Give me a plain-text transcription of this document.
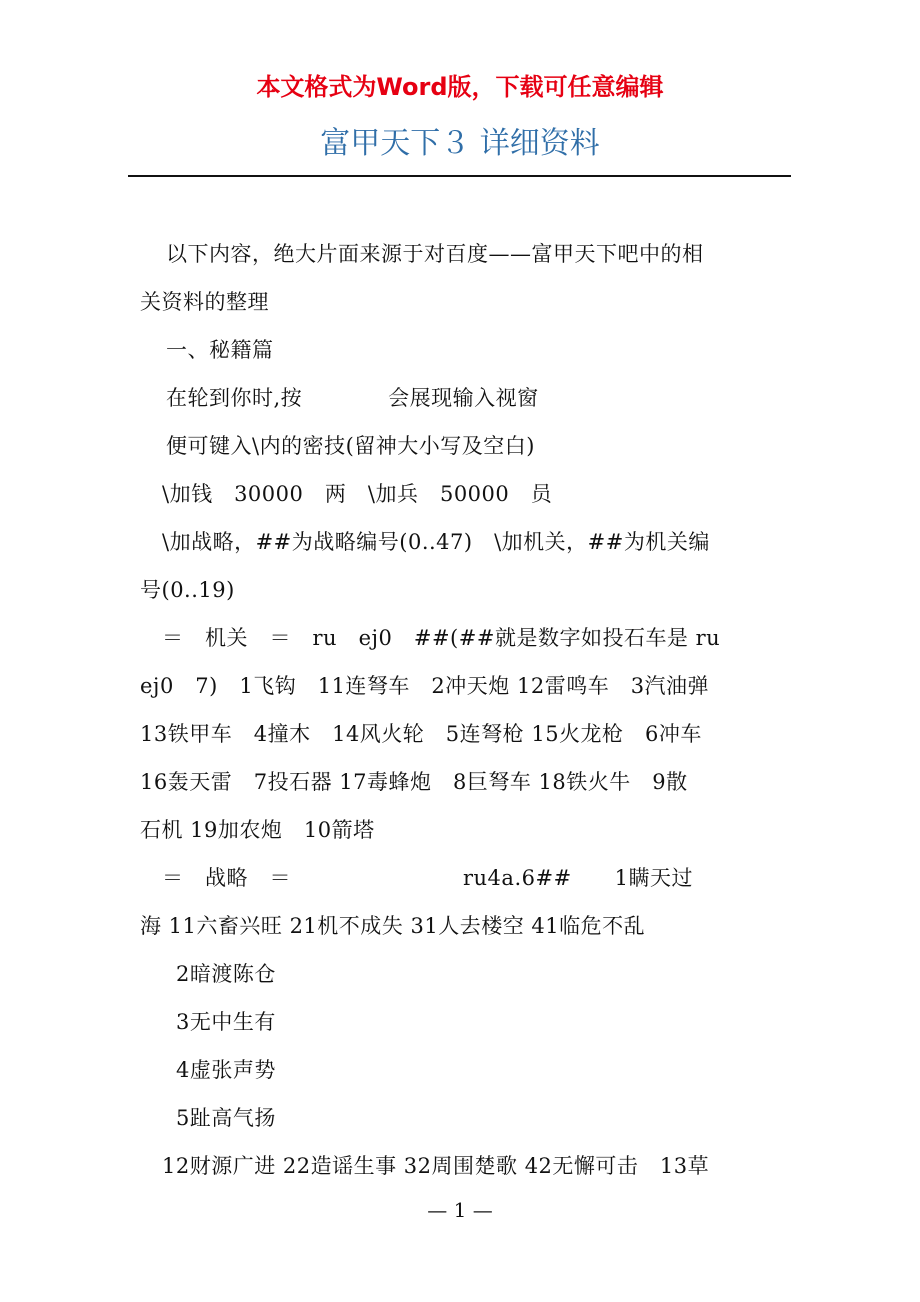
本文格式为Word版，下载可任意编辑
富甲天下３ 详细资料
以下内容，绝大片面来源于对百度——富甲天下吧中的相
关资料的整理
一、秘籍篇
在轮到你时,按　　　　会展现输入视窗
便可键入\内的密技(留神大小写及空白)
\加钱　30000　两　\加兵　50000　员
\加战略，##为战略编号(0..47)　\加机关，##为机关编
号(0..19)
＝　机关　＝　ru　ej0　##(##就是数字如投石车是 ru
ej0　7)　1飞钩　11连弩车　2冲天炮 12雷鸣车　3汽油弹
13铁甲车　4撞木　14风火轮　5连弩枪 15火龙枪　6冲车
16轰天雷　7投石器 17毒蜂炮　8巨弩车 18铁火牛　9散
石机 19加农炮　10箭塔
＝　战略　＝　　　　　　　　ru4a.6##　　1瞒天过
海 11六畜兴旺 21机不成失 31人去楼空 41临危不乱
2暗渡陈仓
3无中生有
4虚张声势
5趾高气扬
12财源广进 22造谣生事 32周围楚歌 42无懈可击　13草
— 1 —
